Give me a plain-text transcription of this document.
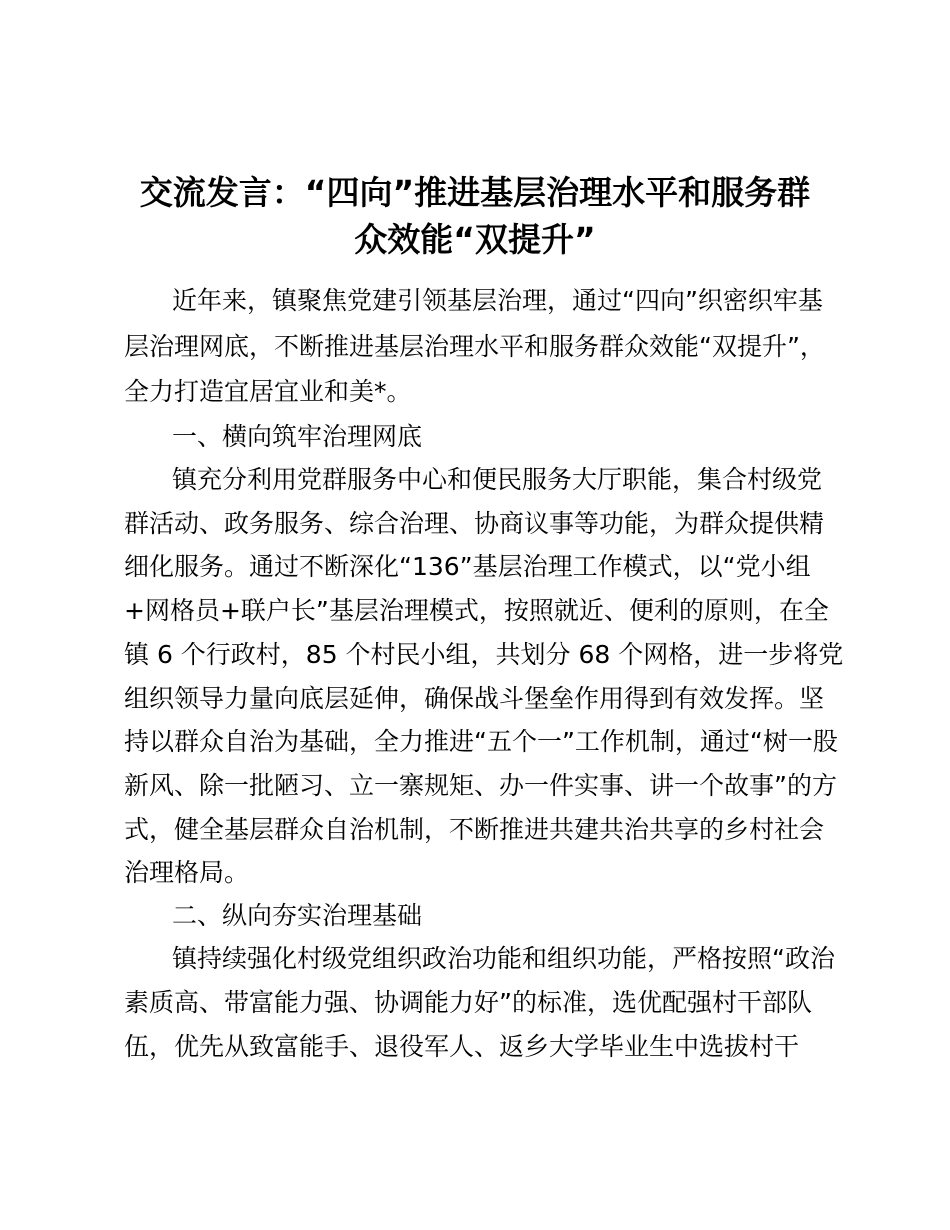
交流发言：“四向”推进基层治理水平和服务群
众效能“双提升”

近年来，镇聚焦党建引领基层治理，通过“四向”织密织牢基

层治理网底，不断推进基层治理水平和服务群众效能“双提升”，

全力打造宜居宜业和美*。

一、横向筑牢治理网底

镇充分利用党群服务中心和便民服务大厅职能，集合村级党

群活动、政务服务、综合治理、协商议事等功能，为群众提供精

细化服务。通过不断深化“136”基层治理工作模式，以“党小组

+网格员+联户长”基层治理模式，按照就近、便利的原则，在全

镇 6 个行政村，85 个村民小组，共划分 68 个网格，进一步将党

组织领导力量向底层延伸，确保战斗堡垒作用得到有效发挥。坚

持以群众自治为基础，全力推进“五个一”工作机制，通过“树一股

新风、除一批陋习、立一寨规矩、办一件实事、讲一个故事”的方

式，健全基层群众自治机制，不断推进共建共治共享的乡村社会

治理格局。

二、纵向夯实治理基础

镇持续强化村级党组织政治功能和组织功能，严格按照“政治

素质高、带富能力强、协调能力好”的标准，选优配强村干部队

伍，优先从致富能手、退役军人、返乡大学毕业生中选拔村干
